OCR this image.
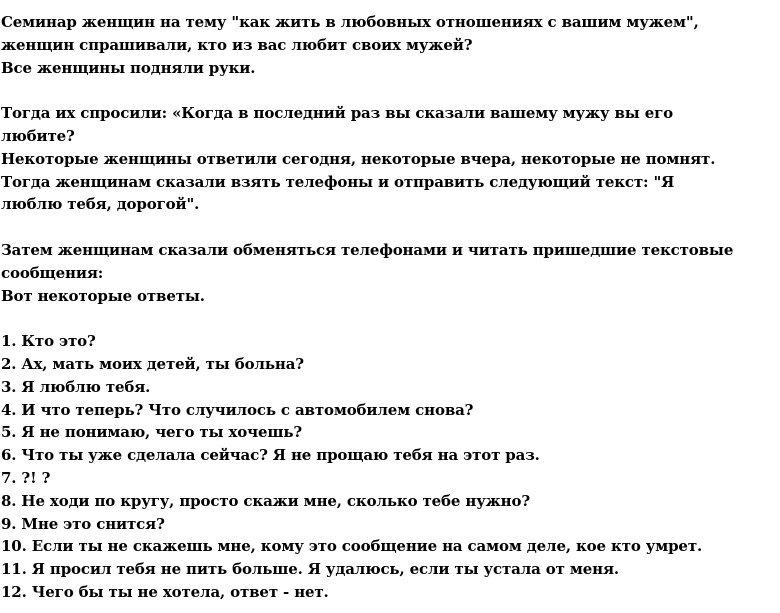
Семинар женщин на тему "как жить в любовных отношениях с вашим мужем",
женщин спрашивали, кто из вас любит своих мужей?
Все женщины подняли руки.
Тогда их спросили: «Когда в последний раз вы сказали вашему мужу вы его
любите?
Некоторые женщины ответили сегодня, некоторые вчера, некоторые не помнят.
Тогда женщинам сказали взять телефоны и отправить следующий текст: "Я
люблю тебя, дорогой".
Затем женщинам сказали обменяться телефонами и читать пришедшие текстовые
сообщения:
Вот некоторые ответы.
1. Кто это?
2. Ах, мать моих детей, ты больна?
3. Я люблю тебя.
4. И что теперь? Что случилось с автомобилем снова?
5. Я не понимаю, чего ты хочешь?
6. Что ты уже сделала сейчас? Я не прощаю тебя на этот раз.
7. ?! ?
8. Не ходи по кругу, просто скажи мне, сколько тебе нужно?
9. Мне это снится?
10. Если ты не скажешь мне, кому это сообщение на самом деле, кое кто умрет.
11. Я просил тебя не пить больше. Я удалюсь, если ты устала от меня.
12. Чего бы ты не хотела, ответ - нет.
